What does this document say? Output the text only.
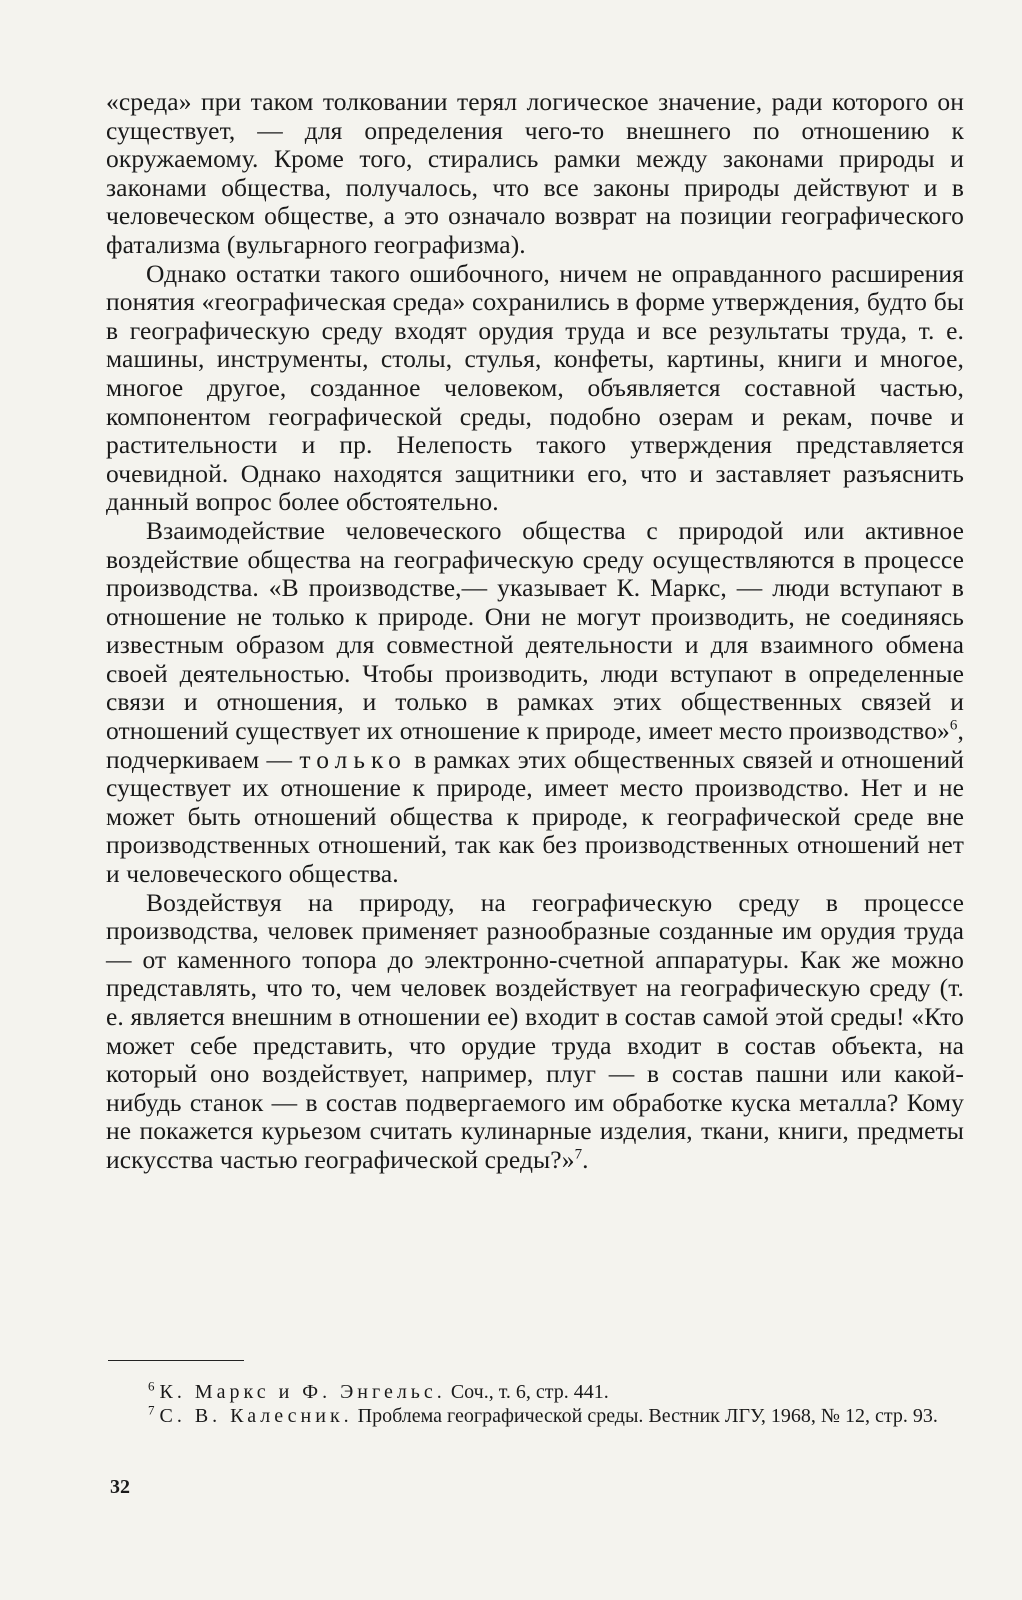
«среда» при таком толковании терял логическое значение, ради которого он существует, — для определения чего-то внешнего по отношению к окружаемому. Кроме того, стирались рамки между законами природы и законами общества, получалось, что все законы природы действуют и в человеческом обществе, а это означало возврат на позиции географического фатализма (вульгарного географизма).

Однако остатки такого ошибочного, ничем не оправданного расширения понятия «географическая среда» сохранились в форме утверждения, будто бы в географическую среду входят орудия труда и все результаты труда, т. е. машины, инструменты, столы, стулья, конфеты, картины, книги и многое, многое другое, созданное человеком, объявляется составной частью, компонентом географической среды, подобно озерам и рекам, почве и растительности и пр. Нелепость такого утверждения представляется очевидной. Однако находятся защитники его, что и заставляет разъяснить данный вопрос более обстоятельно.

Взаимодействие человеческого общества с природой или активное воздействие общества на географическую среду осуществляются в процессе производства. «В производстве,— указывает К. Маркс, — люди вступают в отношение не только к природе. Они не могут производить, не соединяясь известным образом для совместной деятельности и для взаимного обмена своей деятельностью. Чтобы производить, люди вступают в определенные связи и отношения, и только в рамках этих общественных связей и отношений существует их отношение к природе, имеет место производство»$^6$, подчеркиваем — только в рамках этих общественных связей и отношений существует их отношение к природе, имеет место производство. Нет и не может быть отношений общества к природе, к географической среде вне производственных отношений, так как без производственных отношений нет и человеческого общества.

Воздействуя на природу, на географическую среду в процессе производства, человек применяет разнообразные созданные им орудия труда — от каменного топора до электронно-счетной аппаратуры. Как же можно представлять, что то, чем человек воздействует на географическую среду (т. е. является внешним в отношении ее) входит в состав самой этой среды! «Кто может себе представить, что орудие труда входит в состав объекта, на который оно воздействует, например, плуг — в состав пашни или какой-нибудь станок — в состав подвергаемого им обработке куска металла? Кому не покажется курьезом считать кулинарные изделия, ткани, книги, предметы искусства частью географической среды?»$^7$.

$^6$ К. Маркс и Ф. Энгельс. Соч., т. 6, стр. 441.

$^7$ С. В. Калесник. Проблема географической среды. Вестник ЛГУ, 1968, № 12, стр. 93.

32
